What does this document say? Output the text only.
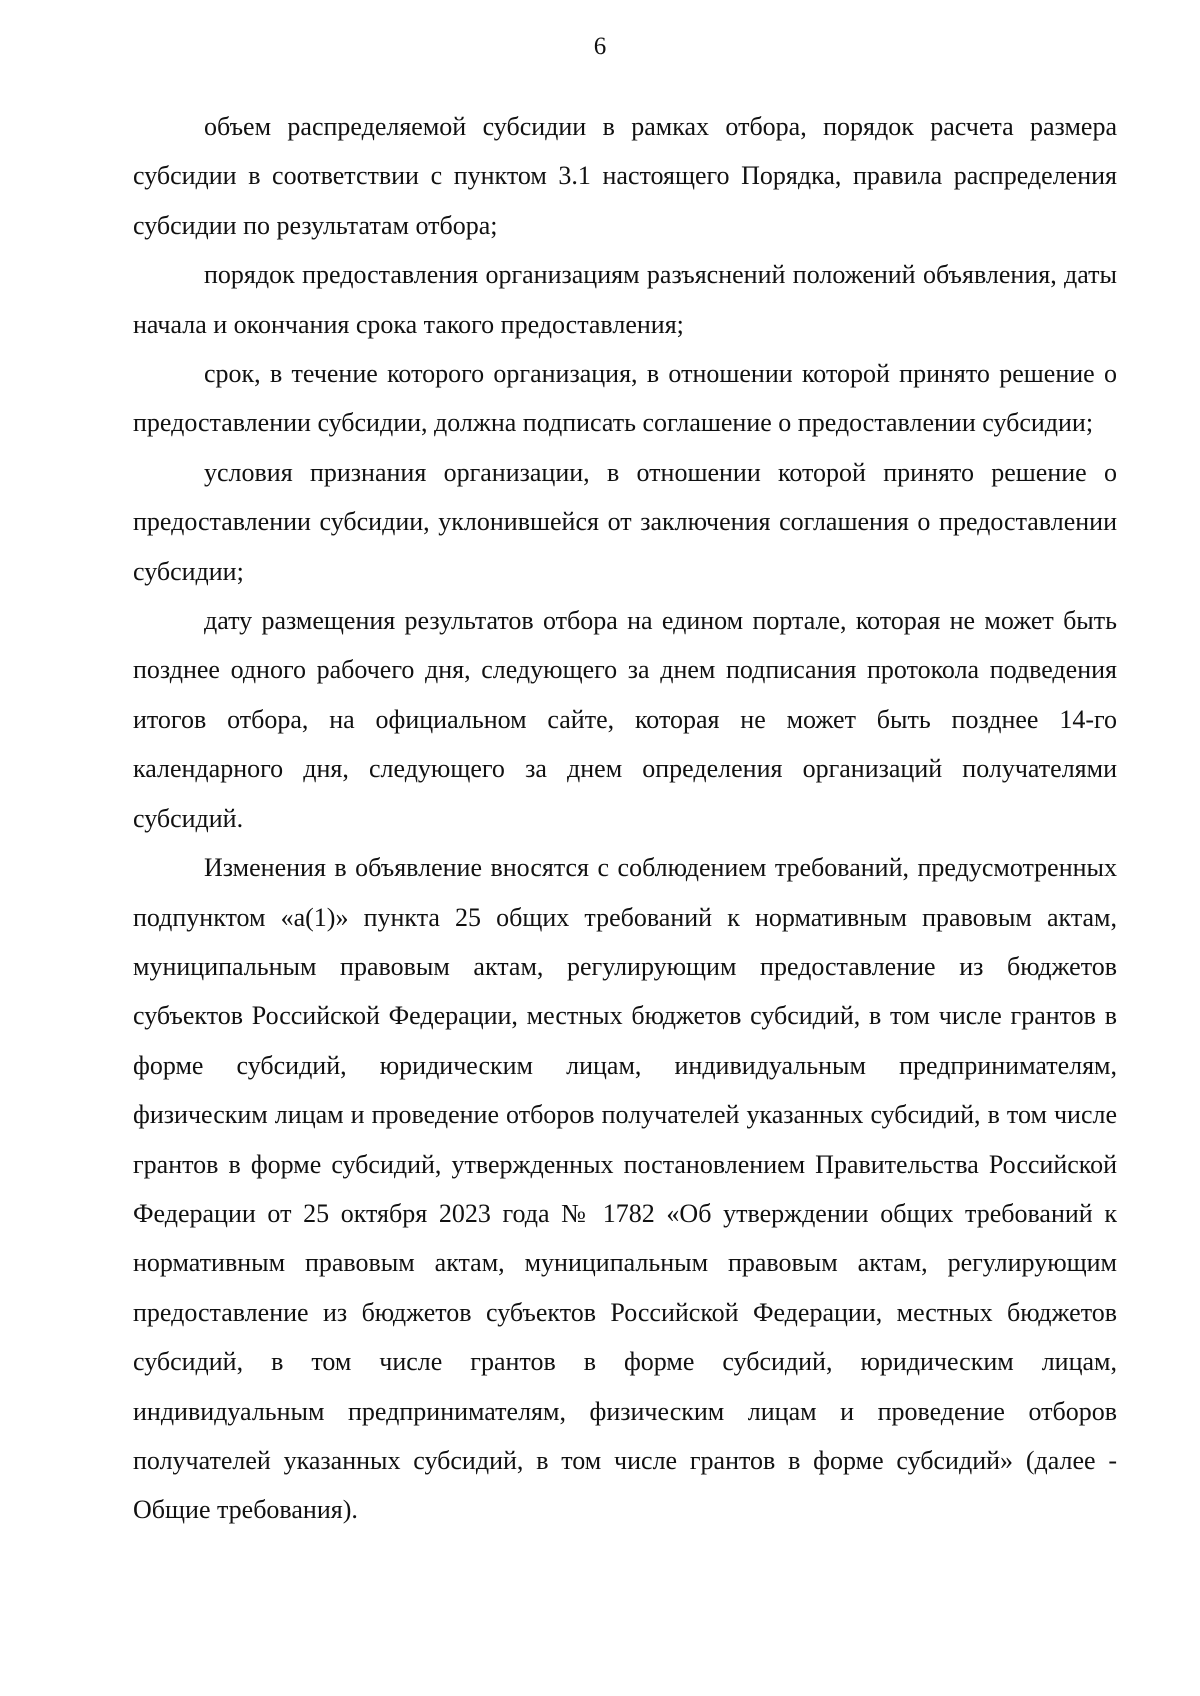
6

объем распределяемой субсидии в рамках отбора, порядок расчета размера субсидии в соответствии с пунктом 3.1 настоящего Порядка, правила распределения субсидии по результатам отбора;

порядок предоставления организациям разъяснений положений объявления, даты начала и окончания срока такого предоставления;

срок, в течение которого организация, в отношении которой принято решение о предоставлении субсидии, должна подписать соглашение о предоставлении субсидии;

условия признания организации, в отношении которой принято решение о предоставлении субсидии, уклонившейся от заключения соглашения о предоставлении субсидии;

дату размещения результатов отбора на едином портале, которая не может быть позднее одного рабочего дня, следующего за днем подписания протокола подведения итогов отбора, на официальном сайте, которая не может быть позднее 14-го календарного дня, следующего за днем определения организаций получателями субсидий.

Изменения в объявление вносятся с соблюдением требований, предусмотренных подпунктом «а(1)» пункта 25 общих требований к нормативным правовым актам, муниципальным правовым актам, регулирующим предоставление из бюджетов субъектов Российской Федерации, местных бюджетов субсидий, в том числе грантов в форме субсидий, юридическим лицам, индивидуальным предпринимателям, физическим лицам и проведение отборов получателей указанных субсидий, в том числе грантов в форме субсидий, утвержденных постановлением Правительства Российской Федерации от 25 октября 2023 года № 1782 «Об утверждении общих требований к нормативным правовым актам, муниципальным правовым актам, регулирующим предоставление из бюджетов субъектов Российской Федерации, местных бюджетов субсидий, в том числе грантов в форме субсидий, юридическим лицам, индивидуальным предпринимателям, физическим лицам и проведение отборов получателей указанных субсидий, в том числе грантов в форме субсидий» (далее - Общие требования).
